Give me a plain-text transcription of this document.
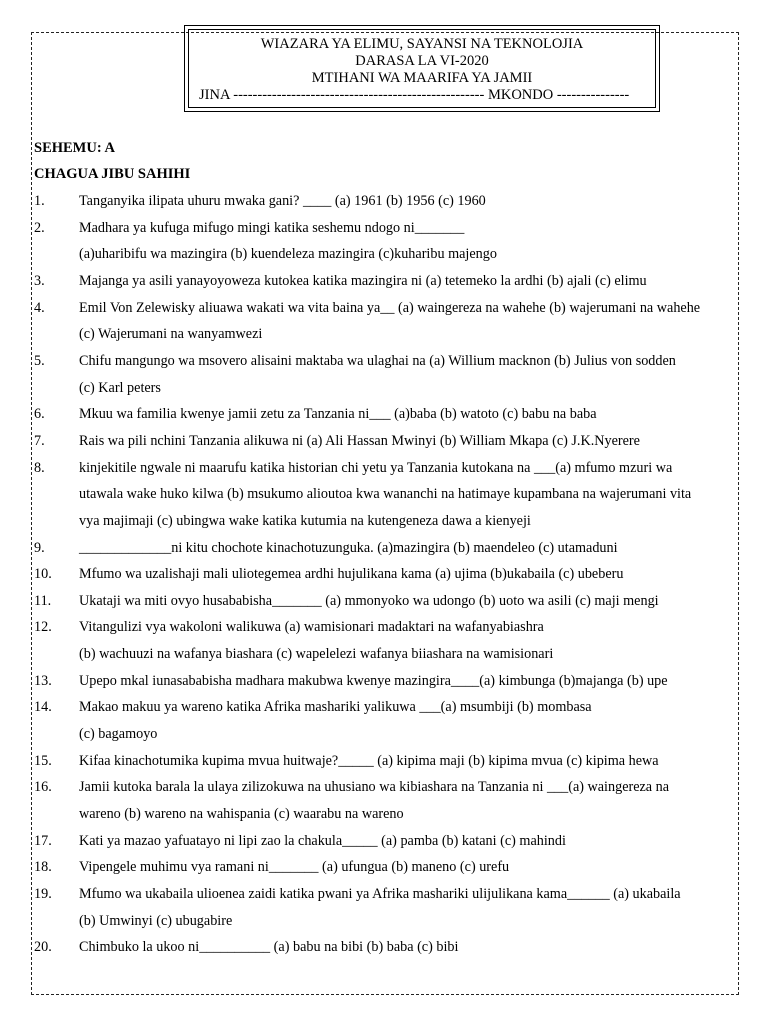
WIAZARA YA ELIMU, SAYANSI NA TEKNOLOJIA
DARASA LA VI-2020
MTIHANI WA MAARIFA YA JAMII
JINA ---------------------------------------------------- MKONDO ---------------
SEHEMU: A
CHAGUA JIBU SAHIHI
1. Tanganyika ilipata uhuru mwaka gani? ____ (a) 1961 (b) 1956 (c) 1960
2. Madhara ya kufuga mifugo mingi katika seshemu ndogo ni_______
(a)uharibifu wa mazingira (b) kuendeleza mazingira (c)kuharibu majengo
3. Majanga ya asili yanayoyoweza kutokea katika mazingira ni (a) tetemeko la ardhi (b) ajali (c) elimu
4. Emil Von Zelewisky aliuawa wakati wa vita baina ya__ (a) waingereza na wahehe (b) wajerumani na wahehe
(c) Wajerumani na wanyamwezi
5. Chifu mangungo wa msovero alisaini maktaba wa ulaghai na (a) Willium macknon (b) Julius von sodden
(c) Karl peters
6. Mkuu wa familia kwenye jamii zetu za Tanzania ni___ (a)baba (b) watoto (c) babu na baba
7. Rais wa pili nchini Tanzania alikuwa ni (a) Ali Hassan Mwinyi (b) William Mkapa (c) J.K.Nyerere
8. kinjekitile ngwale ni maarufu katika historian chi yetu ya Tanzania kutokana na ___(a) mfumo mzuri wa
utawala wake huko kilwa (b) msukumo alioutoa kwa wananchi na hatimaye kupambana na wajerumani vita
vya majimaji (c) ubingwa wake katika kutumia na kutengeneza dawa a kienyeji
9. _____________ni kitu chochote kinachotuzunguka. (a)mazingira (b) maendeleo (c) utamaduni
10. Mfumo wa uzalishaji mali uliotegemea ardhi hujulikana kama (a) ujima (b)ukabaila (c) ubeberu
11. Ukataji wa miti ovyo husababisha_______ (a) mmonyoko wa udongo (b) uoto wa asili (c) maji mengi
12. Vitangulizi vya wakoloni walikuwa (a) wamisionari madaktari na wafanyabiashra
(b) wachuuzi na wafanya biashara (c) wapelelezi wafanya biiashara na wamisionari
13. Upepo mkal iunasababisha madhara makubwa kwenye mazingira____(a) kimbunga (b)majanga (b) upe
14. Makao makuu ya wareno katika Afrika mashariki yalikuwa ___(a) msumbiji (b) mombasa
(c) bagamoyo
15. Kifaa kinachotumika kupima mvua huitwaje?_____ (a) kipima maji (b) kipima mvua (c) kipima hewa
16. Jamii kutoka barala la ulaya zilizokuwa na uhusiano wa kibiashara na Tanzania ni ___(a) waingereza na
wareno (b) wareno na wahispania (c) waarabu na wareno
17. Kati ya mazao yafuatayo ni lipi zao la chakula_____ (a) pamba (b) katani (c) mahindi
18. Vipengele muhimu vya ramani ni_______ (a) ufungua (b) maneno (c) urefu
19. Mfumo wa ukabaila ulioenea zaidi katika pwani ya Afrika mashariki ulijulikana kama______ (a) ukabaila
(b) Umwinyi (c) ubugabire
20. Chimbuko la ukoo ni__________ (a) babu na bibi (b) baba (c) bibi
